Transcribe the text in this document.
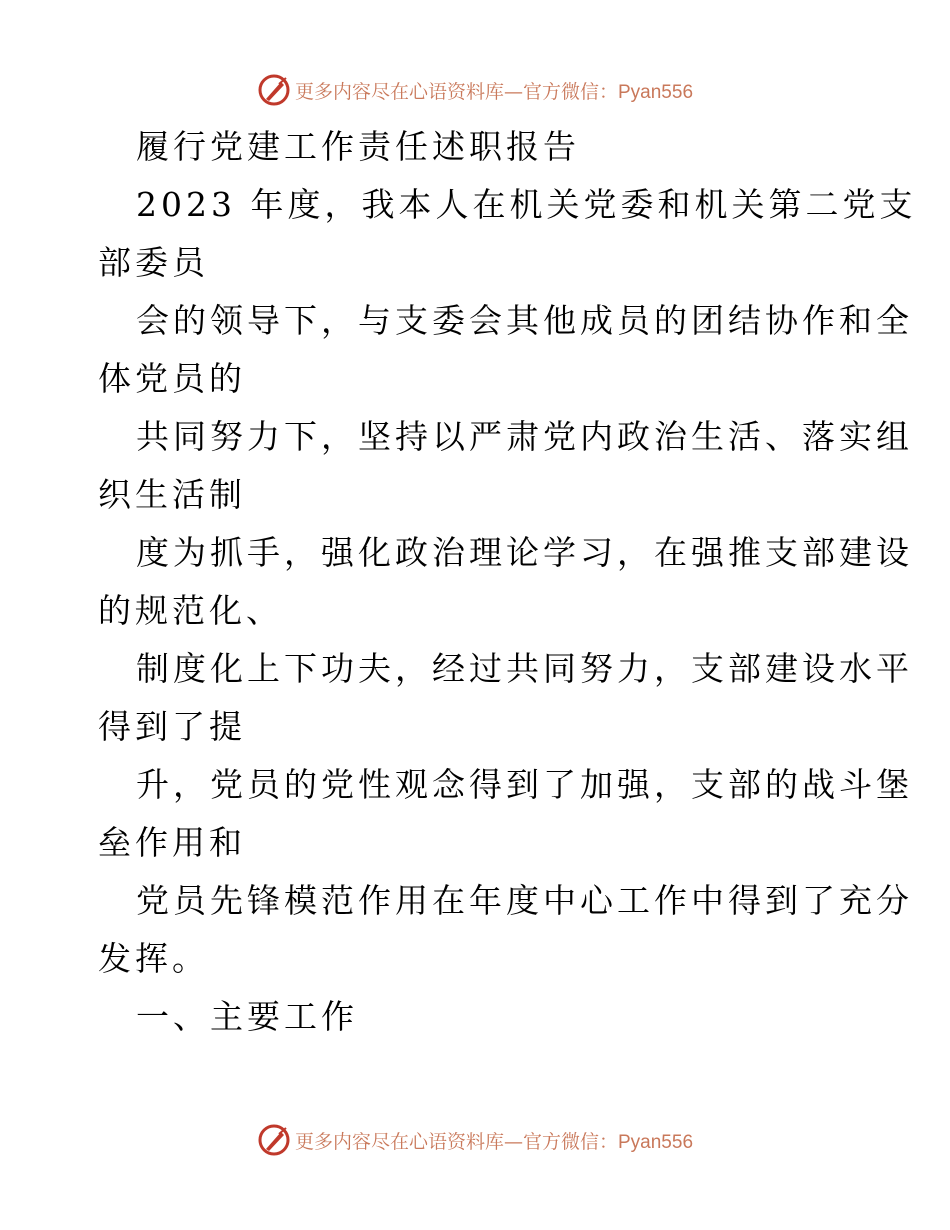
更多内容尽在心语资料库—官方微信：Pyan556
履行党建工作责任述职报告
2023 年度，我本人在机关党委和机关第二党支
部委员
会的领导下，与支委会其他成员的团结协作和全
体党员的
共同努力下，坚持以严肃党内政治生活、落实组
织生活制
度为抓手，强化政治理论学习，在强推支部建设
的规范化、
制度化上下功夫，经过共同努力，支部建设水平
得到了提
升，党员的党性观念得到了加强，支部的战斗堡
垒作用和
党员先锋模范作用在年度中心工作中得到了充分
发挥。
一、主要工作
更多内容尽在心语资料库—官方微信：Pyan556
